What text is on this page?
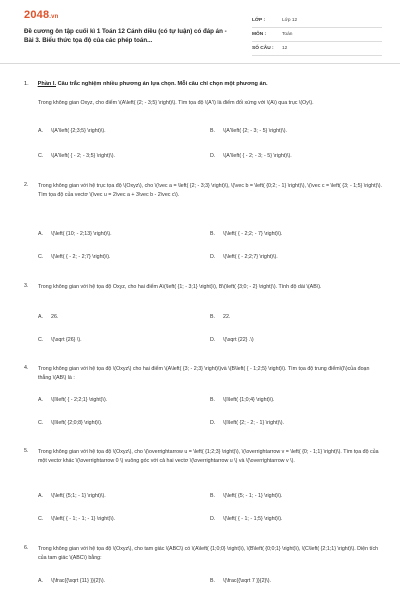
2048.vn
Đề cương ôn tập cuối kì 1 Toán 12 Cánh diều (có tự luận) có đáp án - Bài 3. Biểu thức tọa độ của các phép toán...
LỚP :	Lớp 12
MÔN :	Toán
SỐ CÂU :	12
1. Phần I. Câu trắc nghiệm nhiều phương án lựa chọn. Mỗi câu chỉ chọn một phương án.
Trong không gian Oxyz, cho điểm \(A\left( {2; - 3;5} \right)\). Tìm tọa độ \(A'\) là điểm đối xứng với \(A\) qua trục \(Oy\).
A. \(A'\left( {2;3;5} \right)\).	B. \(A'\left( {2; - 3; - 5} \right)\).
C. \(A'\left( { - 2; - 3;5} \right)\).	D. \(A'\left( { - 2; - 3; - 5} \right)\).
2. Trong không gian với hệ trục tọa độ \(Oxyz\), cho \(\vec a = \left( {2; - 3;3} \right)\), \(\vec b = \left( {0;2; - 1} \right)\), \(\vec c = \left( {3; - 1;5} \right)\). Tìm tọa độ của vectơ \(\vec u = 2\vec a + 3\vec b - 2\vec c\).
A. \(\left( {10; - 2;13} \right)\).	B. \(\left( { - 2;2; - 7} \right)\).
C. \(\left( { - 2; - 2;7} \right)\).	D. \(\left( { - 2;2;7} \right)\).
3. Trong không gian với hệ tọa độ Oxyz, cho hai điểm A\(\left( {1; - 3;1} \right)\), B\(\left( {3;0; - 2} \right)\). Tính độ dài \(AB\).
A. 26.	B. 22.
C. \(\sqrt {26} \).	D. \(\sqrt {22} .\)
4. Trong không gian với hệ tọa độ \(Oxyz\) cho hai điểm \(A\left( {3; - 2;3} \right)\)và \(B\left( { - 1;2;5} \right)\). Tìm tọa độ trung điểm\(I\)của đoạn thẳng \(AB\) là :
A. \(I\left( { - 2;2;1} \right)\).	B. \(I\left( {1;0;4} \right)\).
C. \(I\left( {2;0;8} \right)\).	D. \(I\left( {2; - 2; - 1} \right)\).
5. Trong không gian với hệ tọa độ \(Oxyz\), cho \(\overrightarrow u = \left( {1;2;3} \right)\), \(\overrightarrow v = \left( {0; - 1;1} \right)\). Tìm tọa độ của một vectơ khác \(\overrightarrow 0 \) vuông góc với cả hai vectơ \(\overrightarrow u \) và \(\overrightarrow v \).
A. \(\left( {5;1; - 1} \right)\).	B. \(\left( {5; - 1; - 1} \right)\).
C. \(\left( { - 1; - 1; - 1} \right)\).	D. \(\left( { - 1; - 1;5} \right)\).
6. Trong không gian với hệ tọa độ \(Oxyz\), cho tam giác \(ABC\) có \(A\left( {1;0;0} \right)\), \(B\left( {0;0;1} \right)\), \(C\left( {2;1;1} \right)\). Diện tích của tam giác \(ABC\) bằng:
A. \(\frac{{\sqrt {11} }}{2}\).	B. \(\frac{{\sqrt 7 }}{2}\).
